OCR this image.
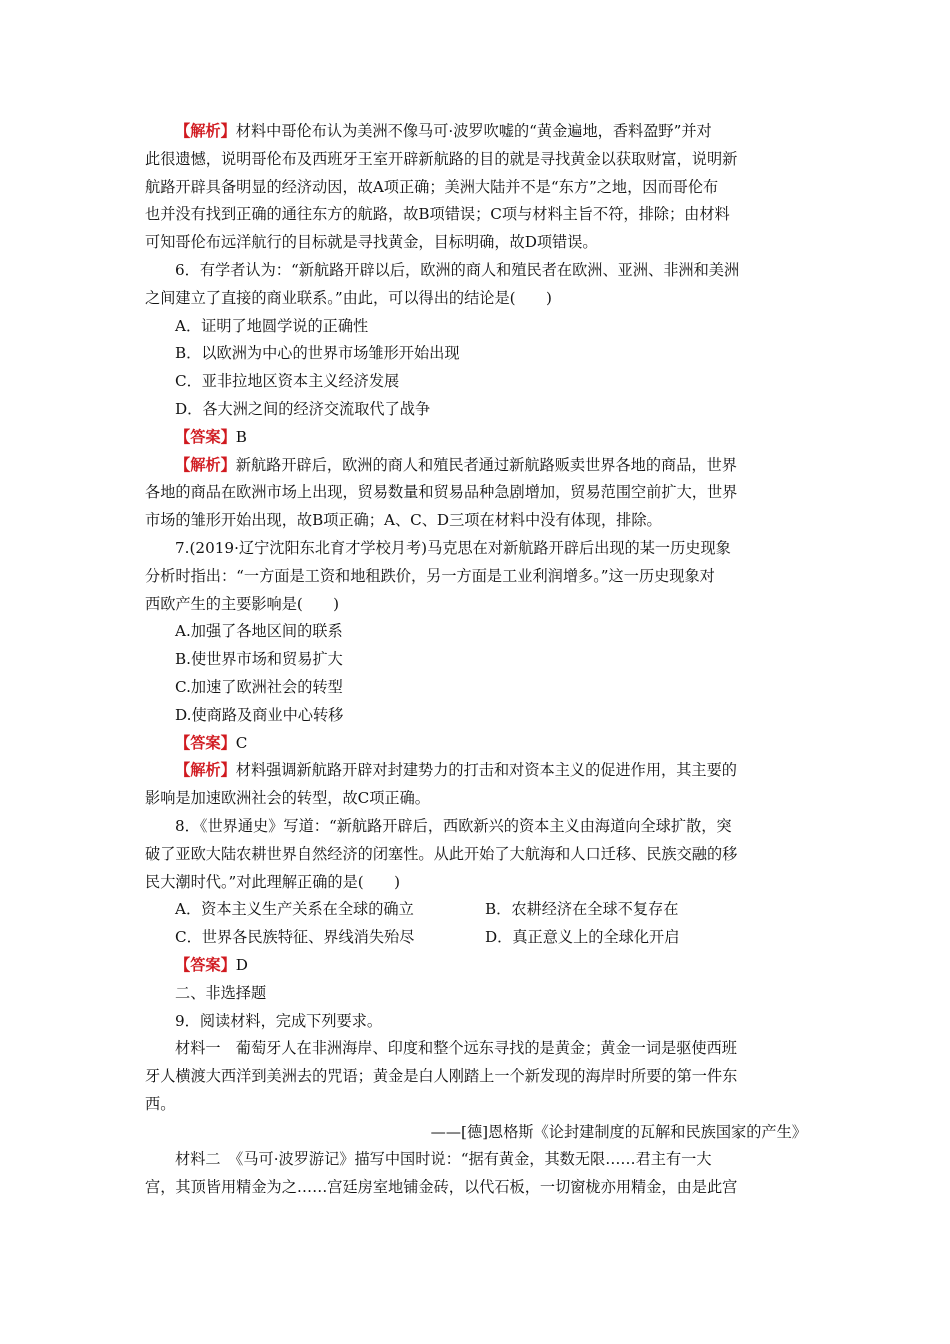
【解析】材料中哥伦布认为美洲不像马可·波罗吹嘘的“黄金遍地，香料盈野”并对
此很遗憾，说明哥伦布及西班牙王室开辟新航路的目的就是寻找黄金以获取财富，说明新
航路开辟具备明显的经济动因，故A项正确；美洲大陆并不是“东方”之地，因而哥伦布
也并没有找到正确的通往东方的航路，故B项错误；C项与材料主旨不符，排除；由材料
可知哥伦布远洋航行的目标就是寻找黄金，目标明确，故D项错误。
6．有学者认为：“新航路开辟以后，欧洲的商人和殖民者在欧洲、亚洲、非洲和美洲
之间建立了直接的商业联系。”由此，可以得出的结论是(　　)
A．证明了地圆学说的正确性
B．以欧洲为中心的世界市场雏形开始出现
C．亚非拉地区资本主义经济发展
D．各大洲之间的经济交流取代了战争
【答案】B
【解析】新航路开辟后，欧洲的商人和殖民者通过新航路贩卖世界各地的商品，世界
各地的商品在欧洲市场上出现，贸易数量和贸易品种急剧增加，贸易范围空前扩大，世界
市场的雏形开始出现，故B项正确；A、C、D三项在材料中没有体现，排除。
7.(2019·辽宁沈阳东北育才学校月考)马克思在对新航路开辟后出现的某一历史现象
分析时指出：“一方面是工资和地租跌价，另一方面是工业利润增多。”这一历史现象对
西欧产生的主要影响是(　　)
A.加强了各地区间的联系
B.使世界市场和贸易扩大
C.加速了欧洲社会的转型
D.使商路及商业中心转移
【答案】C
【解析】材料强调新航路开辟对封建势力的打击和对资本主义的促进作用，其主要的
影响是加速欧洲社会的转型，故C项正确。
8．《世界通史》写道：“新航路开辟后，西欧新兴的资本主义由海道向全球扩散，突
破了亚欧大陆农耕世界自然经济的闭塞性。从此开始了大航海和人口迁移、民族交融的移
民大潮时代。”对此理解正确的是(　　)
A．资本主义生产关系在全球的确立	B．农耕经济在全球不复存在
C．世界各民族特征、界线消失殆尽	D．真正意义上的全球化开启
【答案】D
二、非选择题
9．阅读材料，完成下列要求。
材料一　葡萄牙人在非洲海岸、印度和整个远东寻找的是黄金；黄金一词是驱使西班
牙人横渡大西洋到美洲去的咒语；黄金是白人刚踏上一个新发现的海岸时所要的第一件东
西。
——[德]恩格斯《论封建制度的瓦解和民族国家的产生》
材料二　《马可·波罗游记》描写中国时说：“据有黄金，其数无限……君主有一大
宫，其顶皆用精金为之……宫廷房室地铺金砖，以代石板，一切窗栊亦用精金，由是此宫
